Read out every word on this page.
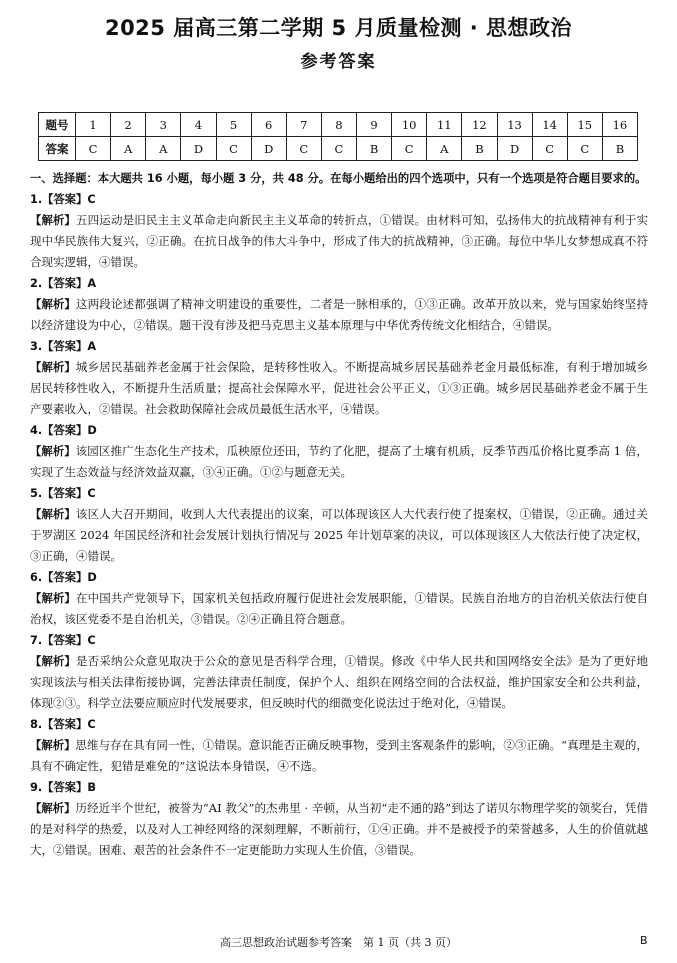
2025 届高三第二学期 5 月质量检测 · 思想政治
参考答案
题号	1	2	3	4	5	6	7	8	9	10	11	12	13	14	15	16
答案	C	A	A	D	C	D	C	C	B	C	A	B	D	C	C	B

一、选择题：本大题共 16 小题，每小题 3 分，共 48 分。在每小题给出的四个选项中，只有一个选项是符合题目要求的。

1.【答案】C

【解析】五四运动是旧民主主义革命走向新民主主义革命的转折点，①错误。由材料可知，弘扬伟大的抗战精神有利于实现中华民族伟大复兴，②正确。在抗日战争的伟大斗争中，形成了伟大的抗战精神，③正确。每位中华儿女梦想成真不符合现实逻辑，④错误。

2.【答案】A

【解析】这两段论述都强调了精神文明建设的重要性，二者是一脉相承的，①③正确。改革开放以来，党与国家始终坚持以经济建设为中心，②错误。题干没有涉及把马克思主义基本原理与中华优秀传统文化相结合，④错误。

3.【答案】A

【解析】城乡居民基础养老金属于社会保险，是转移性收入。不断提高城乡居民基础养老金月最低标准，有利于增加城乡居民转移性收入，不断提升生活质量；提高社会保障水平，促进社会公平正义，①③正确。城乡居民基础养老金不属于生产要素收入，②错误。社会救助保障社会成员最低生活水平，④错误。

4.【答案】D

【解析】该园区推广生态化生产技术，瓜秧原位还田，节约了化肥，提高了土壤有机质，反季节西瓜价格比夏季高 1 倍，实现了生态效益与经济效益双赢，③④正确。①②与题意无关。

5.【答案】C

【解析】该区人大召开期间，收到人大代表提出的议案，可以体现该区人大代表行使了提案权，①错误，②正确。通过关于罗湖区 2024 年国民经济和社会发展计划执行情况与 2025 年计划草案的决议，可以体现该区人大依法行使了决定权，③正确，④错误。

6.【答案】D

【解析】在中国共产党领导下，国家机关包括政府履行促进社会发展职能，①错误。民族自治地方的自治机关依法行使自治权，该区党委不是自治机关，③错误。②④正确且符合题意。

7.【答案】C

【解析】是否采纳公众意见取决于公众的意见是否科学合理，①错误。修改《中华人民共和国网络安全法》是为了更好地实现该法与相关法律衔接协调，完善法律责任制度，保护个人、组织在网络空间的合法权益，维护国家安全和公共利益，体现②③。科学立法要应顺应时代发展要求，但反映时代的细微变化说法过于绝对化，④错误。

8.【答案】C

【解析】思维与存在具有同一性，①错误。意识能否正确反映事物，受到主客观条件的影响，②③正确。“真理是主观的，具有不确定性，犯错是难免的”这说法本身错误，④不选。

9.【答案】B

【解析】历经近半个世纪，被誉为“AI 教父”的杰弗里 · 辛顿，从当初“走不通的路”到达了诺贝尔物理学奖的领奖台，凭借的是对科学的热爱，以及对人工神经网络的深刻理解，不断前行，①④正确。并不是被授予的荣誉越多，人生的价值就越大，②错误。困难、艰苦的社会条件不一定更能助力实现人生价值，③错误。

高三思想政治试题参考答案　第 1 页（共 3 页）	B
